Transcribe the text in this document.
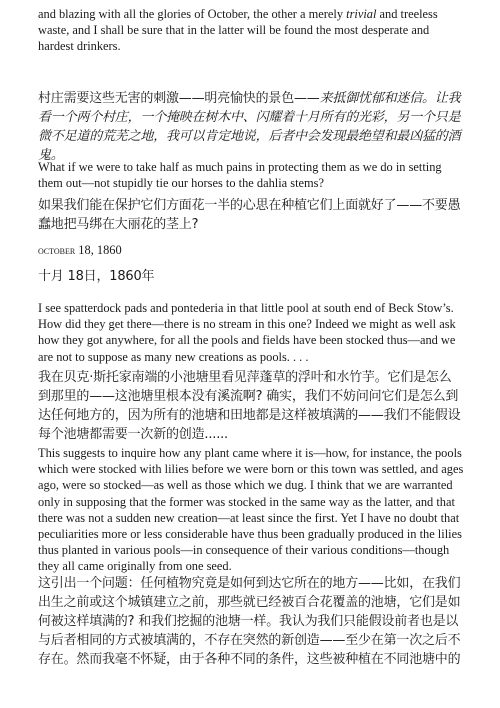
and blazing with all the glories of October, the other a merely trivial and treeless waste, and I shall be sure that in the latter will be found the most desperate and hardest drinkers.

村庄需要这些无害的刺激——明亮愉快的景色——来抵御忧郁和迷信。让我看一个两个村庄，一个掩映在树木中、闪耀着十月所有的光彩，另一个只是微不足道的荒芜之地，我可以肯定地说，后者中会发现最绝望和最凶猛的酒鬼。

What if we were to take half as much pains in protecting them as we do in setting them out—not stupidly tie our horses to the dahlia stems?

如果我们能在保护它们方面花一半的心思在种植它们上面就好了——不要愚蠢地把马绑在大丽花的茎上?

october 18, 1860

十月 18日，1860年

I see spatterdock pads and pontederia in that little pool at south end of Beck Stow’s. How did they get there—there is no stream in this one? Indeed we might as well ask how they got anywhere, for all the pools and fields have been stocked thus—and we are not to suppose as many new creations as pools. . . .

我在贝克·斯托家南端的小池塘里看见萍蓬草的浮叶和水竹芋。它们是怎么到那里的——这池塘里根本没有溪流啊? 确实，我们不妨问问它们是怎么到达任何地方的，因为所有的池塘和田地都是这样被填满的——我们不能假设每个池塘都需要一次新的创造......

This suggests to inquire how any plant came where it is—how, for instance, the pools which were stocked with lilies before we were born or this town was settled, and ages ago, were so stocked—as well as those which we dug. I think that we are warranted only in supposing that the former was stocked in the same way as the latter, and that there was not a sudden new creation—at least since the first. Yet I have no doubt that peculiarities more or less considerable have thus been gradually produced in the lilies thus planted in various pools—in consequence of their various conditions—though they all came originally from one seed.

这引出一个问题：任何植物究竟是如何到达它所在的地方——比如，在我们出生之前或这个城镇建立之前，那些就已经被百合花覆盖的池塘，它们是如何被这样填满的? 和我们挖掘的池塘一样。我认为我们只能假设前者也是以与后者相同的方式被填满的，不存在突然的新创造——至少在第一次之后不存在。然而我毫不怀疑，由于各种不同的条件，这些被种植在不同池塘中的
